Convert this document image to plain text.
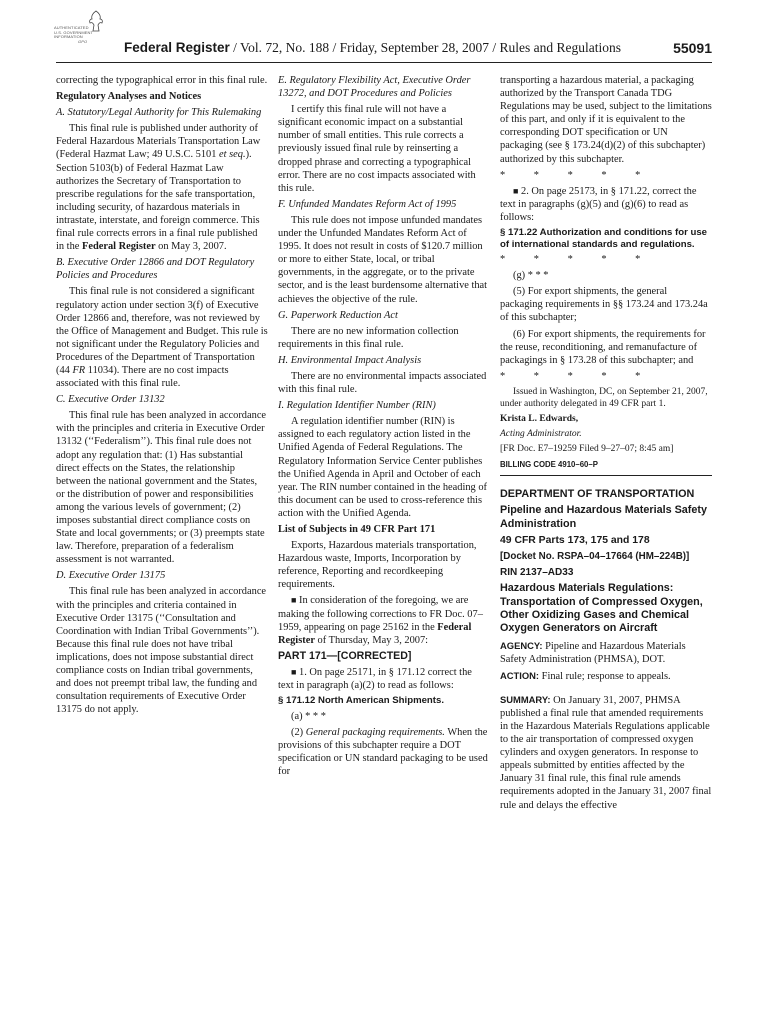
AUTHENTICATED
U.S. GOVERNMENT
INFORMATION
GPO	Federal Register / Vol. 72, No. 188 / Friday, September 28, 2007 / Rules and Regulations	55091

correcting the typographical error in this final rule.

Regulatory Analyses and Notices

A. Statutory/Legal Authority for This Rulemaking

This final rule is published under authority of Federal Hazardous Materials Transportation Law (Federal Hazmat Law; 49 U.S.C. 5101 et seq.). Section 5103(b) of Federal Hazmat Law authorizes the Secretary of Transportation to prescribe regulations for the safe transportation, including security, of hazardous materials in intrastate, interstate, and foreign commerce. This final rule corrects errors in a final rule published in the Federal Register on May 3, 2007.

B. Executive Order 12866 and DOT Regulatory Policies and Procedures

This final rule is not considered a significant regulatory action under section 3(f) of Executive Order 12866 and, therefore, was not reviewed by the Office of Management and Budget. This rule is not significant under the Regulatory Policies and Procedures of the Department of Transportation (44 FR 11034). There are no cost impacts associated with this final rule.

C. Executive Order 13132

This final rule has been analyzed in accordance with the principles and criteria in Executive Order 13132 (‘‘Federalism’’). This final rule does not adopt any regulation that: (1) Has substantial direct effects on the States, the relationship between the national government and the States, or the distribution of power and responsibilities among the various levels of government; (2) imposes substantial direct compliance costs on State and local governments; or (3) preempts state law. Therefore, preparation of a federalism assessment is not warranted.

D. Executive Order 13175

This final rule has been analyzed in accordance with the principles and criteria contained in Executive Order 13175 (‘‘Consultation and Coordination with Indian Tribal Governments’’). Because this final rule does not have tribal implications, does not impose substantial direct compliance costs on Indian tribal governments, and does not preempt tribal law, the funding and consultation requirements of Executive Order 13175 do not apply.

E. Regulatory Flexibility Act, Executive Order 13272, and DOT Procedures and Policies

I certify this final rule will not have a significant economic impact on a substantial number of small entities. This rule corrects a previously issued final rule by reinserting a dropped phrase and correcting a typographical error. There are no cost impacts associated with this rule.

F. Unfunded Mandates Reform Act of 1995

This rule does not impose unfunded mandates under the Unfunded Mandates Reform Act of 1995. It does not result in costs of $120.7 million or more to either State, local, or tribal governments, in the aggregate, or to the private sector, and is the least burdensome alternative that achieves the objective of the rule.

G. Paperwork Reduction Act

There are no new information collection requirements in this final rule.

H. Environmental Impact Analysis

There are no environmental impacts associated with this final rule.

I. Regulation Identifier Number (RIN)

A regulation identifier number (RIN) is assigned to each regulatory action listed in the Unified Agenda of Federal Regulations. The Regulatory Information Service Center publishes the Unified Agenda in April and October of each year. The RIN number contained in the heading of this document can be used to cross-reference this action with the Unified Agenda.

List of Subjects in 49 CFR Part 171

Exports, Hazardous materials transportation, Hazardous waste, Imports, Incorporation by reference, Reporting and recordkeeping requirements.

■ In consideration of the foregoing, we are making the following corrections to FR Doc. 07–1959, appearing on page 25162 in the Federal Register of Thursday, May 3, 2007:

PART 171—[CORRECTED]

■ 1. On page 25171, in § 171.12 correct the text in paragraph (a)(2) to read as follows:

§ 171.12 North American Shipments.

(a) * * *

(2) General packaging requirements. When the provisions of this subchapter require a DOT specification or UN standard packaging to be used for

transporting a hazardous material, a packaging authorized by the Transport Canada TDG Regulations may be used, subject to the limitations of this part, and only if it is equivalent to the corresponding DOT specification or UN packaging (see § 173.24(d)(2) of this subchapter) authorized by this subchapter.

* * * * *

■ 2. On page 25173, in § 171.22, correct the text in paragraphs (g)(5) and (g)(6) to read as follows:

§ 171.22 Authorization and conditions for use of international standards and regulations.

* * * * *

(g) * * *

(5) For export shipments, the general packaging requirements in §§ 173.24 and 173.24a of this subchapter;

(6) For export shipments, the requirements for the reuse, reconditioning, and remanufacture of packagings in § 173.28 of this subchapter; and

* * * * *

Issued in Washington, DC, on September 21, 2007, under authority delegated in 49 CFR part 1.

Krista L. Edwards,

Acting Administrator.

[FR Doc. E7–19259 Filed 9–27–07; 8:45 am]

BILLING CODE 4910–60–P

DEPARTMENT OF TRANSPORTATION

Pipeline and Hazardous Materials Safety Administration

49 CFR Parts 173, 175 and 178

[Docket No. RSPA–04–17664 (HM–224B)]

RIN 2137–AD33

Hazardous Materials Regulations: Transportation of Compressed Oxygen, Other Oxidizing Gases and Chemical Oxygen Generators on Aircraft

AGENCY: Pipeline and Hazardous Materials Safety Administration (PHMSA), DOT.

ACTION: Final rule; response to appeals.

SUMMARY: On January 31, 2007, PHMSA published a final rule that amended requirements in the Hazardous Materials Regulations applicable to the air transportation of compressed oxygen cylinders and oxygen generators. In response to appeals submitted by entities affected by the January 31 final rule, this final rule amends requirements adopted in the January 31, 2007 final rule and delays the effective
